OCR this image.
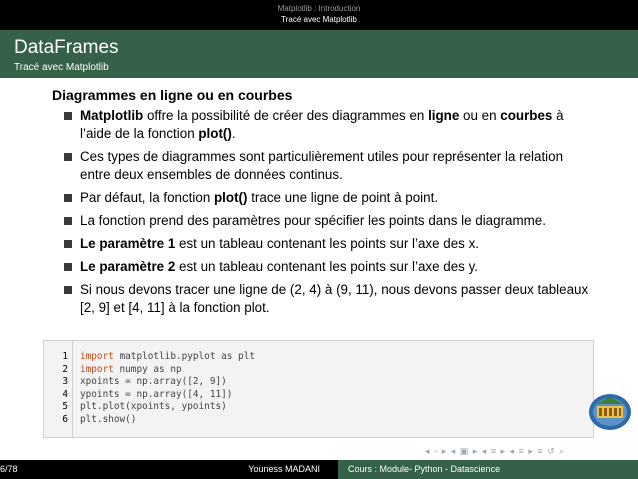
Matplotlib : Introduction
Tracé avec Matplotlib
DataFrames
Tracé avec Matplotlib
Diagrammes en ligne ou en courbes
Matplotlib offre la possibilité de créer des diagrammes en ligne ou en courbes à l’aide de la fonction plot().
Ces types de diagrammes sont particulièrement utiles pour représenter la relation entre deux ensembles de données continus.
Par défaut, la fonction plot() trace une ligne de point à point.
La fonction prend des paramètres pour spécifier les points dans le diagramme.
Le paramètre 1 est un tableau contenant les points sur l’axe des x.
Le paramètre 2 est un tableau contenant les points sur l’axe des y.
Si nous devons tracer une ligne de (2, 4) à (9, 11), nous devons passer deux tableaux [2, 9] et [4, 11] à la fonction plot.
1 import matplotlib.pyplot as plt
2 import numpy as np
3 xpoints = np.array([2, 9])
4 ypoints = np.array([4, 11])
5 plt.plot(xpoints, ypoints)
6 plt.show()
◂ ▫ ▸ ◂ ▣ ▸ ◂ ≡ ▸ ◂ ≡ ▸ ≡ ↺ ⌕
6/78	Youness MADANI	Cours : Module- Python - Datascience
